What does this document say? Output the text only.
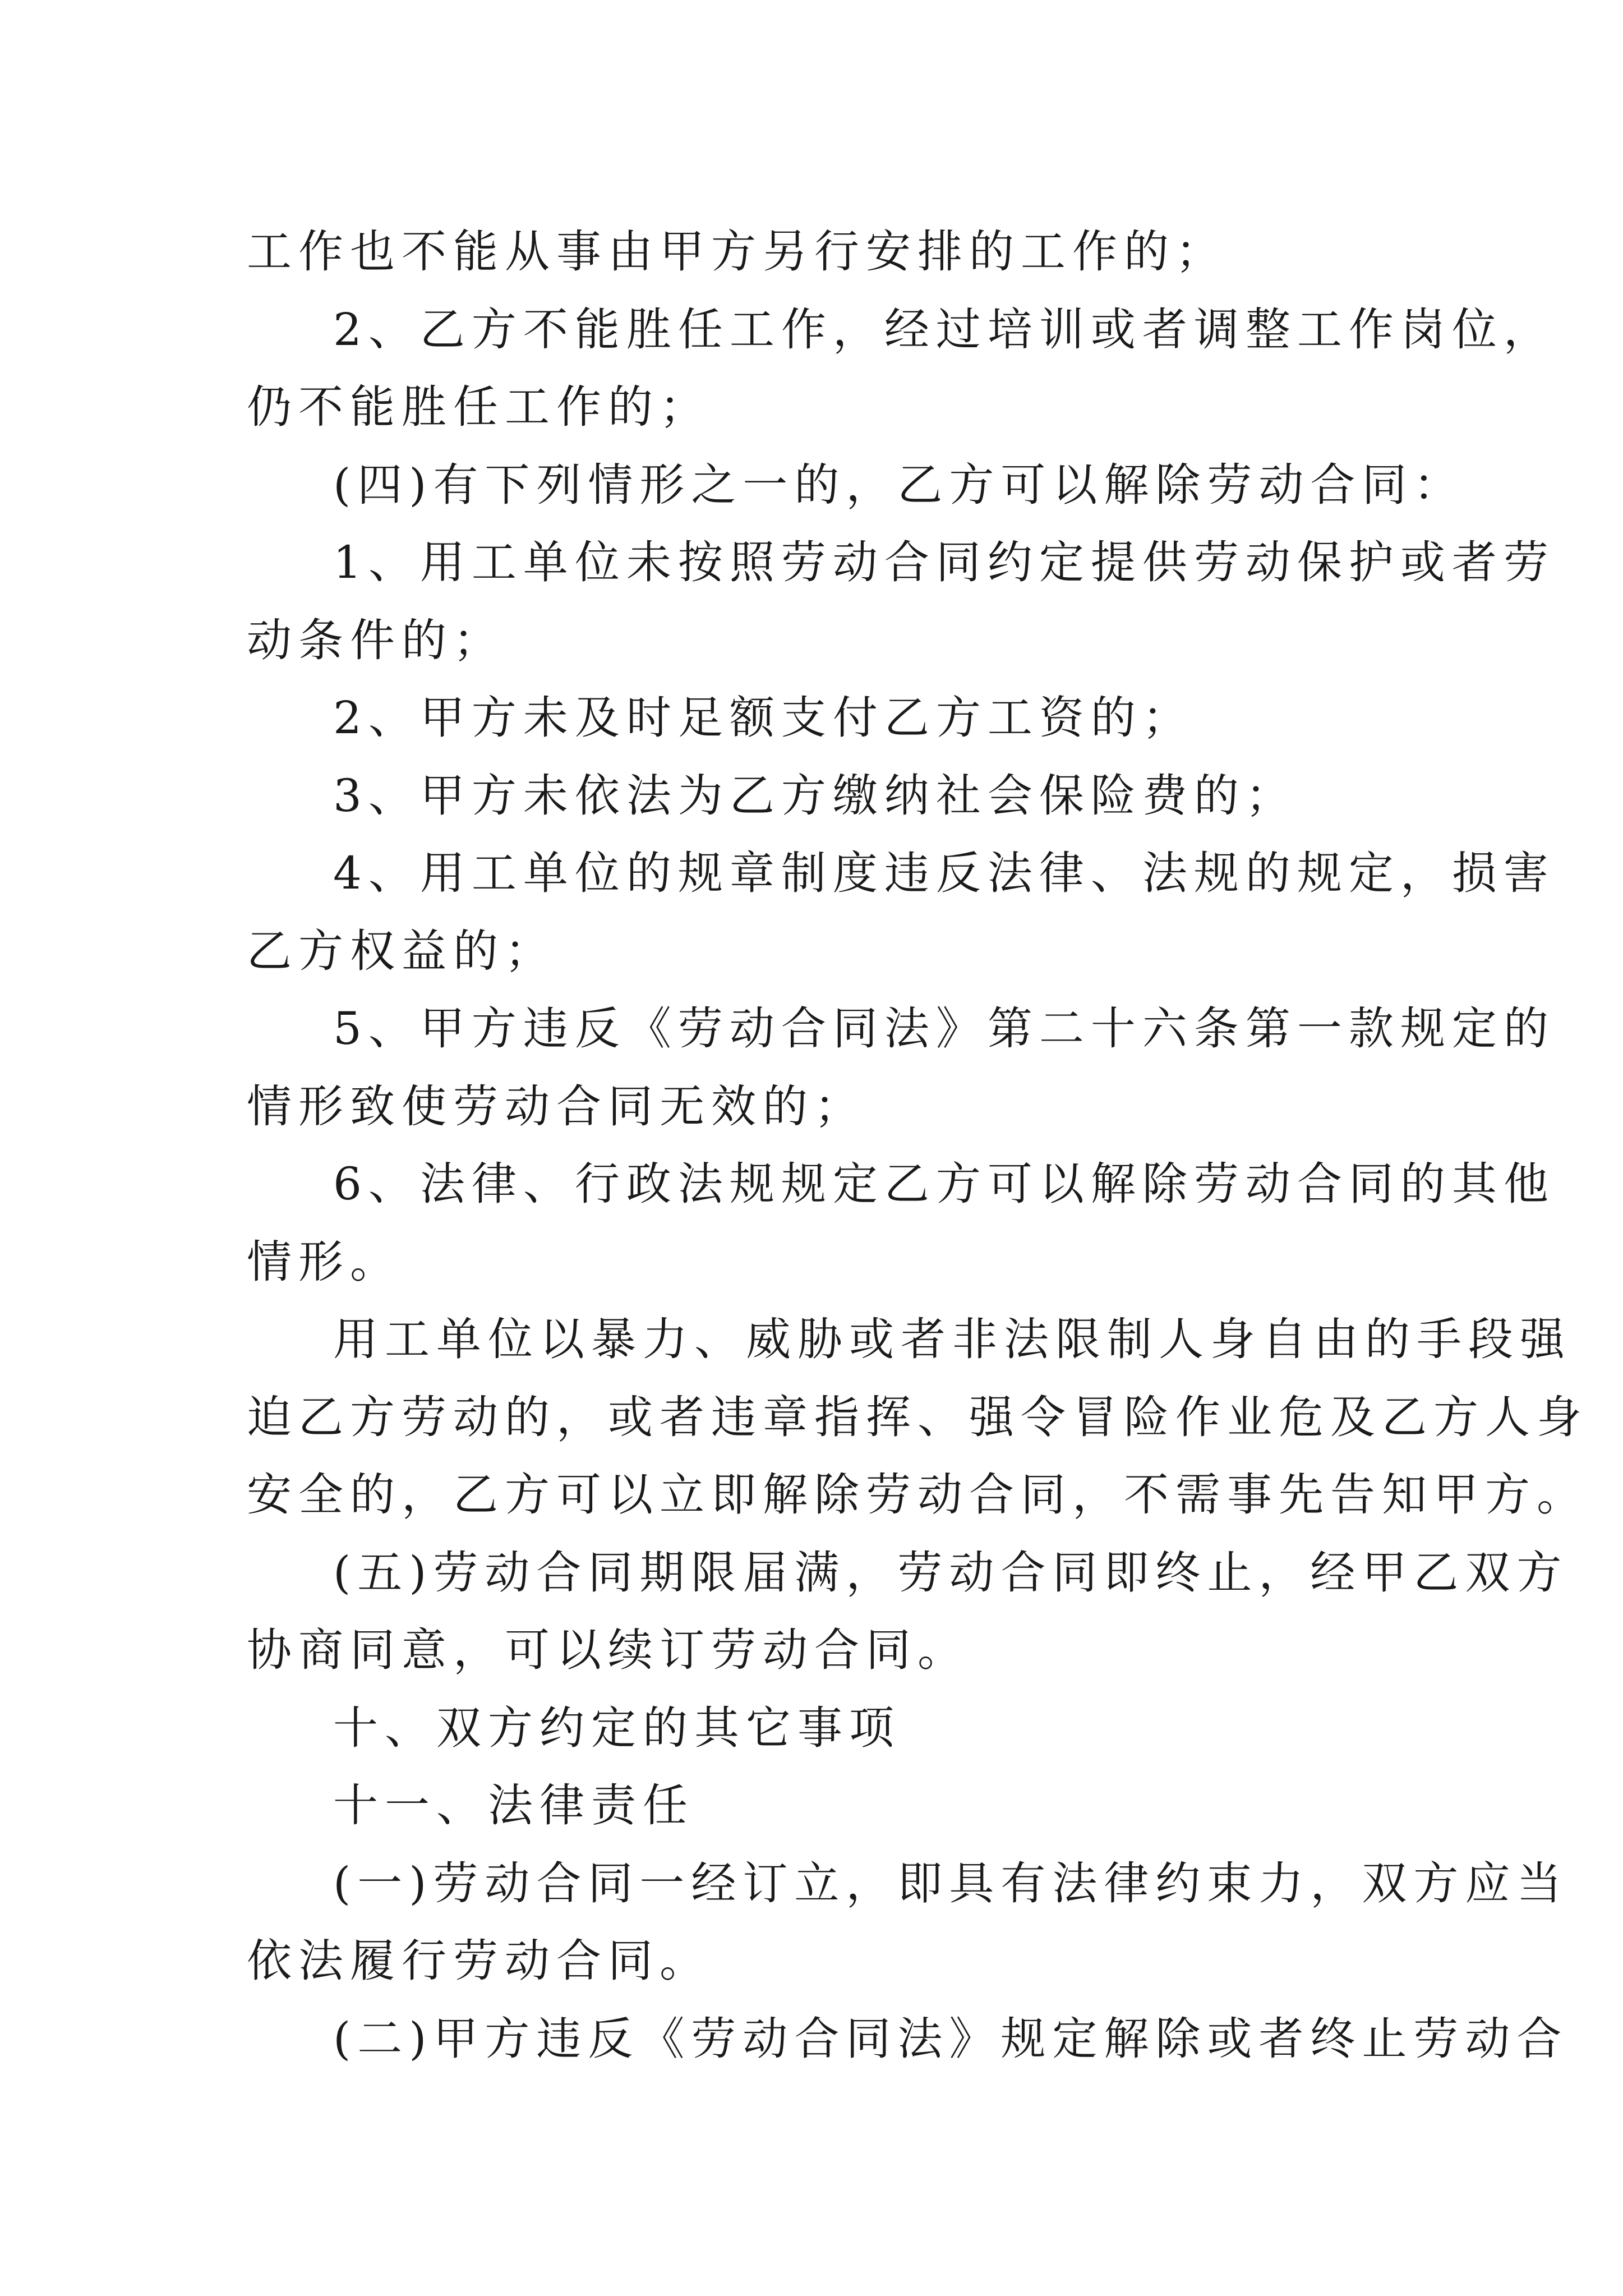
工作也不能从事由甲方另行安排的工作的；
2、乙方不能胜任工作，经过培训或者调整工作岗位，
仍不能胜任工作的；
(四)有下列情形之一的，乙方可以解除劳动合同：
1、用工单位未按照劳动合同约定提供劳动保护或者劳
动条件的；
2、甲方未及时足额支付乙方工资的；
3、甲方未依法为乙方缴纳社会保险费的；
4、用工单位的规章制度违反法律、法规的规定，损害
乙方权益的；
5、甲方违反《劳动合同法》第二十六条第一款规定的
情形致使劳动合同无效的；
6、法律、行政法规规定乙方可以解除劳动合同的其他
情形。
用工单位以暴力、威胁或者非法限制人身自由的手段强
迫乙方劳动的，或者违章指挥、强令冒险作业危及乙方人身
安全的，乙方可以立即解除劳动合同，不需事先告知甲方。
(五)劳动合同期限届满，劳动合同即终止，经甲乙双方
协商同意，可以续订劳动合同。
十、双方约定的其它事项
十一、法律责任
(一)劳动合同一经订立，即具有法律约束力，双方应当
依法履行劳动合同。
(二)甲方违反《劳动合同法》规定解除或者终止劳动合
